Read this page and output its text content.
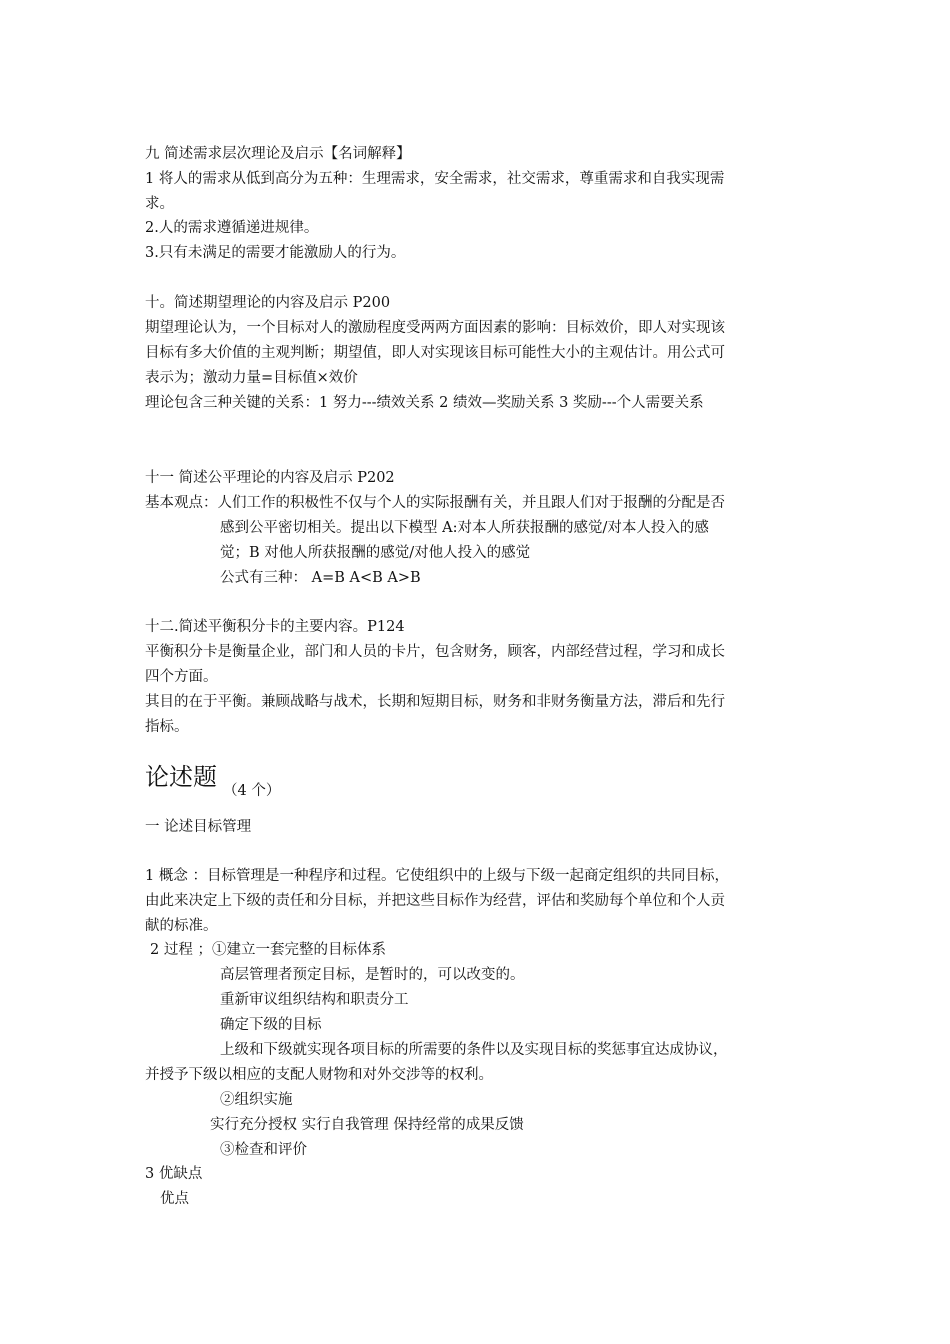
九 简述需求层次理论及启示【名词解释】
1 将人的需求从低到高分为五种：生理需求，安全需求，社交需求，尊重需求和自我实现需
求。
2.人的需求遵循递进规律。
3.只有未满足的需要才能激励人的行为。
十。简述期望理论的内容及启示 P200
期望理论认为，一个目标对人的激励程度受两两方面因素的影响：目标效价，即人对实现该
目标有多大价值的主观判断；期望值，即人对实现该目标可能性大小的主观估计。用公式可
表示为；激动力量=目标值×效价
理论包含三种关键的关系：1 努力---绩效关系 2 绩效—奖励关系 3 奖励---个人需要关系
十一 简述公平理论的内容及启示 P202
基本观点：人们工作的积极性不仅与个人的实际报酬有关，并且跟人们对于报酬的分配是否
感到公平密切相关。提出以下模型 A:对本人所获报酬的感觉/对本人投入的感
觉；B 对他人所获报酬的感觉/对他人投入的感觉
公式有三种： A=B A<B A>B
十二.简述平衡积分卡的主要内容。P124
平衡积分卡是衡量企业，部门和人员的卡片，包含财务，顾客，内部经营过程，学习和成长
四个方面。
其目的在于平衡。兼顾战略与战术，长期和短期目标，财务和非财务衡量方法，滞后和先行
指标。
论述题 $_{(4 个)}$
一 论述目标管理
1 概念 ：目标管理是一种程序和过程。它使组织中的上级与下级一起商定组织的共同目标，
由此来决定上下级的责任和分目标，并把这些目标作为经营，评估和奖励每个单位和个人贡
献的标准。
2 过程 ；①建立一套完整的目标体系
高层管理者预定目标，是暂时的，可以改变的。
重新审议组织结构和职责分工
确定下级的目标
上级和下级就实现各项目标的所需要的条件以及实现目标的奖惩事宜达成协议，
并授予下级以相应的支配人财物和对外交涉等的权利。
②组织实施
实行充分授权 实行自我管理 保持经常的成果反馈
③检查和评价
3 优缺点
优点
